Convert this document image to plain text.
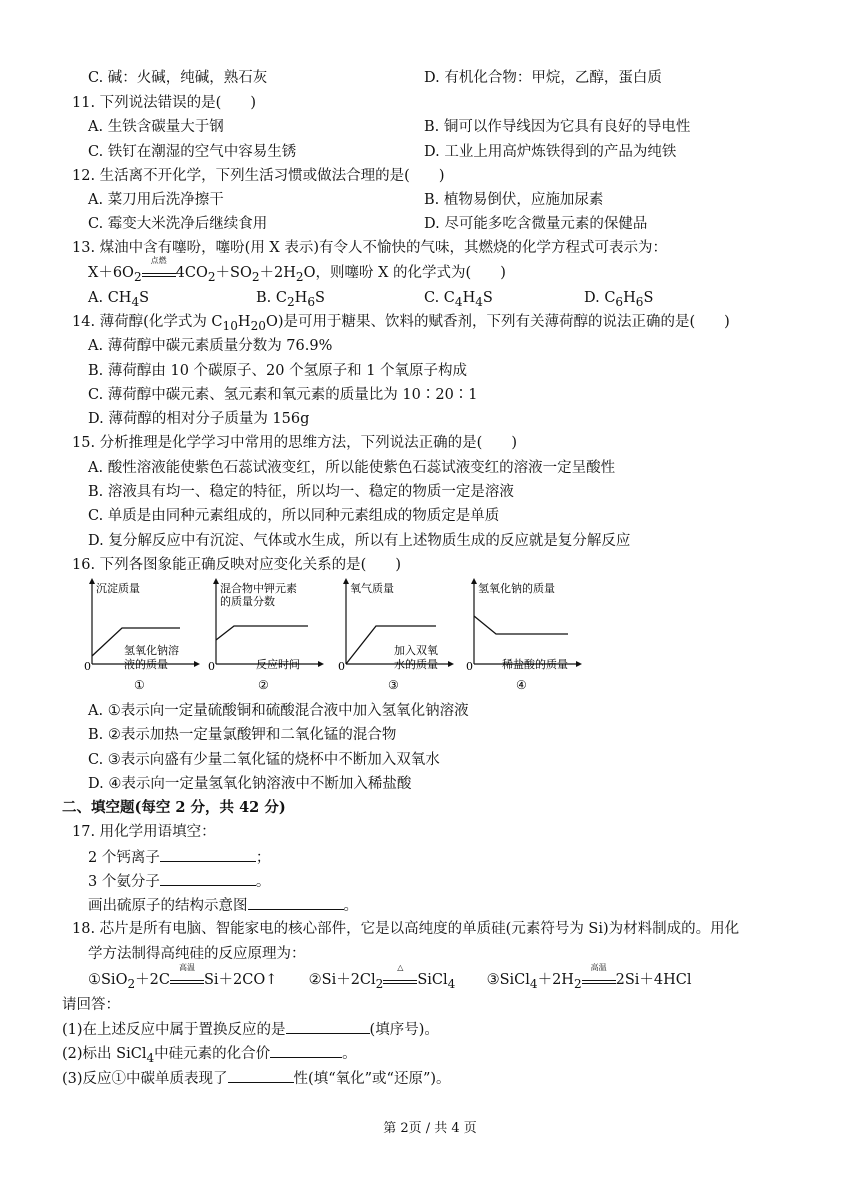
C. 碱：火碱，纯碱，熟石灰	D. 有机化合物：甲烷，乙醇，蛋白质
11. 下列说法错误的是(　　)
A. 生铁含碳量大于钢	B. 铜可以作导线因为它具有良好的导电性
C. 铁钉在潮湿的空气中容易生锈	D. 工业上用高炉炼铁得到的产品为纯铁
12. 生活离不开化学，下列生活习惯或做法合理的是(　　)
A. 菜刀用后洗净擦干	B. 植物易倒伏，应施加尿素
C. 霉变大米洗净后继续食用	D. 尽可能多吃含微量元素的保健品
13. 煤油中含有噻吩，噻吩(用 X 表示)有令人不愉快的气味，其燃烧的化学方程式可表示为：
$X+6O_2$
点燃
$4CO_2+SO_2+2H_2O$，则噻吩 X 的化学式为(　　)
A. $CH_4S$	B. $C_2H_6S$	C. $C_4H_4S$	D. $C_6H_6S$
14. 薄荷醇(化学式为 $C_{10}H_{20}O$)是可用于糖果、饮料的赋香剂，下列有关薄荷醇的说法正确的是(　　)
A. 薄荷醇中碳元素质量分数为 76.9%
B. 薄荷醇由 10 个碳原子、20 个氢原子和 1 个氧原子构成
C. 薄荷醇中碳元素、氢元素和氧元素的质量比为 10∶20∶1
D. 薄荷醇的相对分子质量为 156g
15. 分析推理是化学学习中常用的思维方法，下列说法正确的是(　　)
A. 酸性溶液能使紫色石蕊试液变红，所以能使紫色石蕊试液变红的溶液一定呈酸性
B. 溶液具有均一、稳定的特征，所以均一、稳定的物质一定是溶液
C. 单质是由同种元素组成的，所以同种元素组成的物质定是单质
D. 复分解反应中有沉淀、气体或水生成，所以有上述物质生成的反应就是复分解反应
16. 下列各图象能正确反映对应变化关系的是(　　)
沉淀质量
氢氧化钠溶
液的质量
0
①
混合物中钾元素
的质量分数
反应时间
0
②
氧气质量
加入双氧
水的质量
0
③
氢氧化钠的质量
稀盐酸的质量
0
④
A. ①表示向一定量硫酸铜和硫酸混合液中加入氢氧化钠溶液
B. ②表示加热一定量氯酸钾和二氧化锰的混合物
C. ③表示向盛有少量二氧化锰的烧杯中不断加入双氧水
D. ④表示向一定量氢氧化钠溶液中不断加入稀盐酸
二、填空题(每空 2 分，共 42 分)
17. 用化学用语填空：
2 个钙离子	；
3 个氨分子	。
画出硫原子的结构示意图	。
18. 芯片是所有电脑、智能家电的核心部件，它是以高纯度的单质硅(元素符号为 Si)为材料制成的。用化
学方法制得高纯硅的反应原理为：
①SiO$_2$＋2C
高温
Si＋2CO↑ $②Si+2Cl_2$
△
SiCl$_4$ $③SiCl_4+2H_2$
高温
2Si＋4HCl
请回答：
(1)在上述反应中属于置换反应的是	(填序号)。
(2)标出 SiCl$_4$中硅元素的化合价	。
(3)反应①中碳单质表现了	性(填“氧化”或“还原”)。
第 2页 / 共 4 页
